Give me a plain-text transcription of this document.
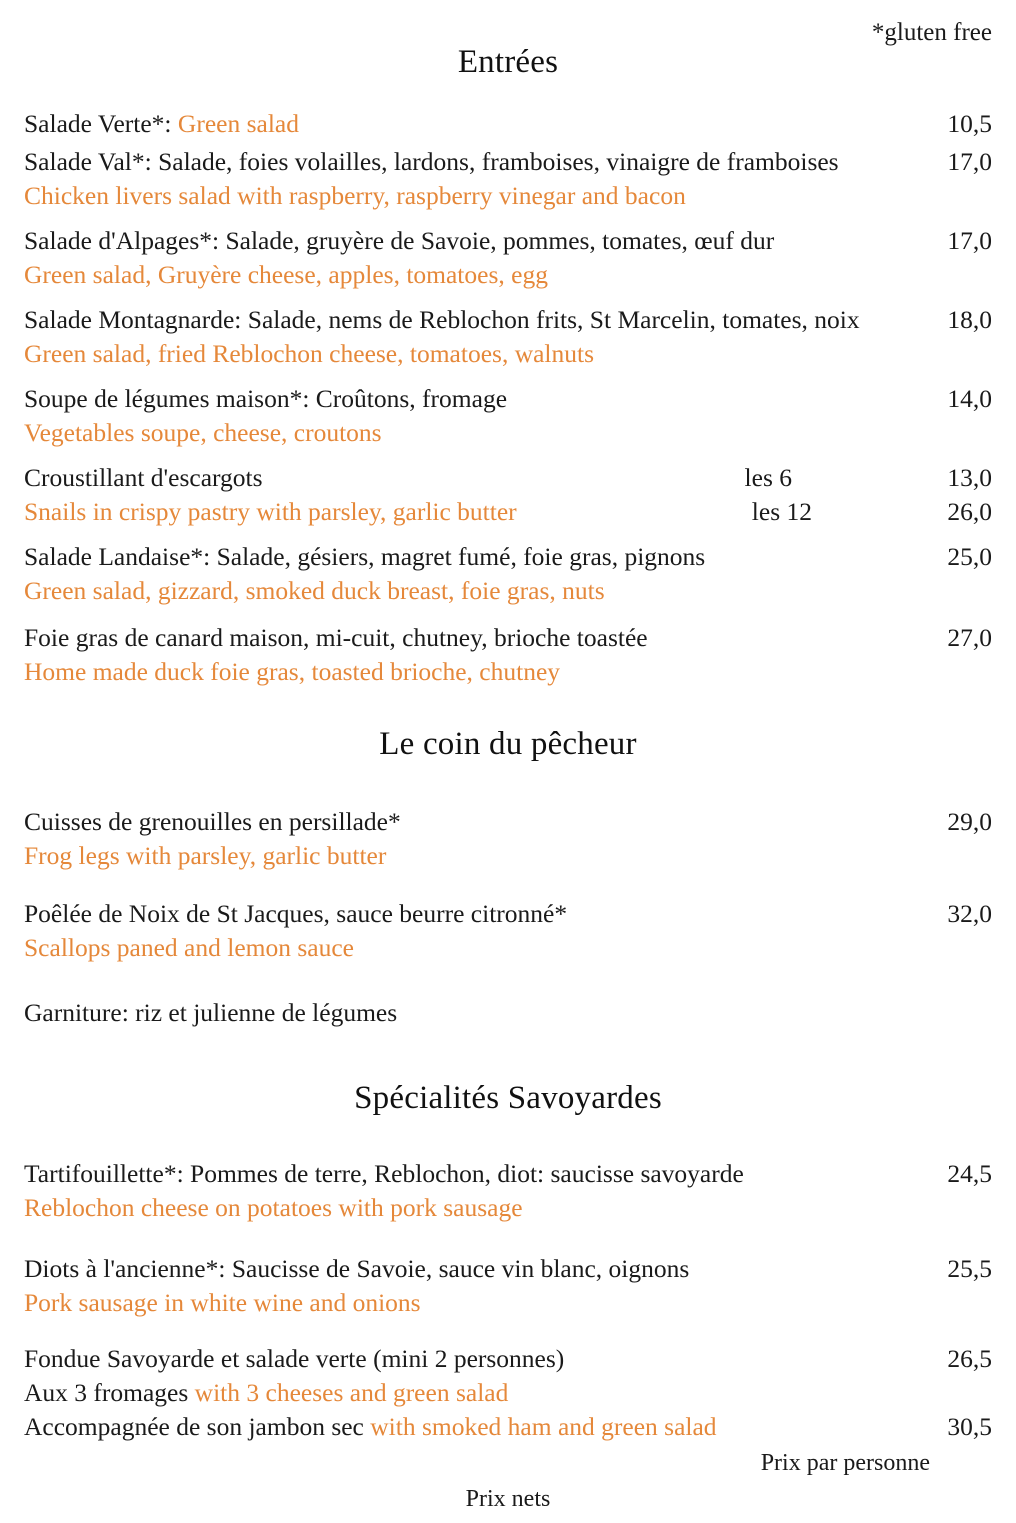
*gluten free
Entrées
Salade Verte*: Green salad	10,5
Salade Val*: Salade, foies volailles, lardons, framboises, vinaigre de framboises	17,0
Chicken livers salad with raspberry, raspberry vinegar and bacon
Salade d'Alpages*: Salade, gruyère de Savoie, pommes, tomates, œuf dur	17,0
Green salad, Gruyère cheese, apples, tomatoes, egg
Salade Montagnarde: Salade, nems de Reblochon frits, St Marcelin, tomates, noix	18,0
Green salad, fried Reblochon cheese, tomatoes, walnuts
Soupe de légumes maison*: Croûtons, fromage	14,0
Vegetables soupe, cheese, croutons
Croustillant d'escargots	les 6	13,0
Snails in crispy pastry with parsley, garlic butter	les 12	26,0
Salade Landaise*: Salade, gésiers, magret fumé, foie gras, pignons	25,0
Green salad, gizzard, smoked duck breast, foie gras, nuts
Foie gras de canard maison, mi-cuit, chutney, brioche toastée	27,0
Home made duck foie gras, toasted brioche, chutney
Le coin du pêcheur
Cuisses de grenouilles en persillade*	29,0
Frog legs with parsley, garlic butter
Poêlée de Noix de St Jacques, sauce beurre citronné*	32,0
Scallops paned and lemon sauce
Garniture: riz et julienne de légumes
Spécialités Savoyardes
Tartifouillette*: Pommes de terre, Reblochon, diot: saucisse savoyarde	24,5
Reblochon cheese on potatoes with pork sausage
Diots à l'ancienne*: Saucisse de Savoie, sauce vin blanc, oignons	25,5
Pork sausage in white wine and onions
Fondue Savoyarde et salade verte (mini 2 personnes)	26,5
Aux 3 fromages with 3 cheeses and green salad
Accompagnée de son jambon sec with smoked ham and green salad	30,5
Prix par personne
Prix nets
